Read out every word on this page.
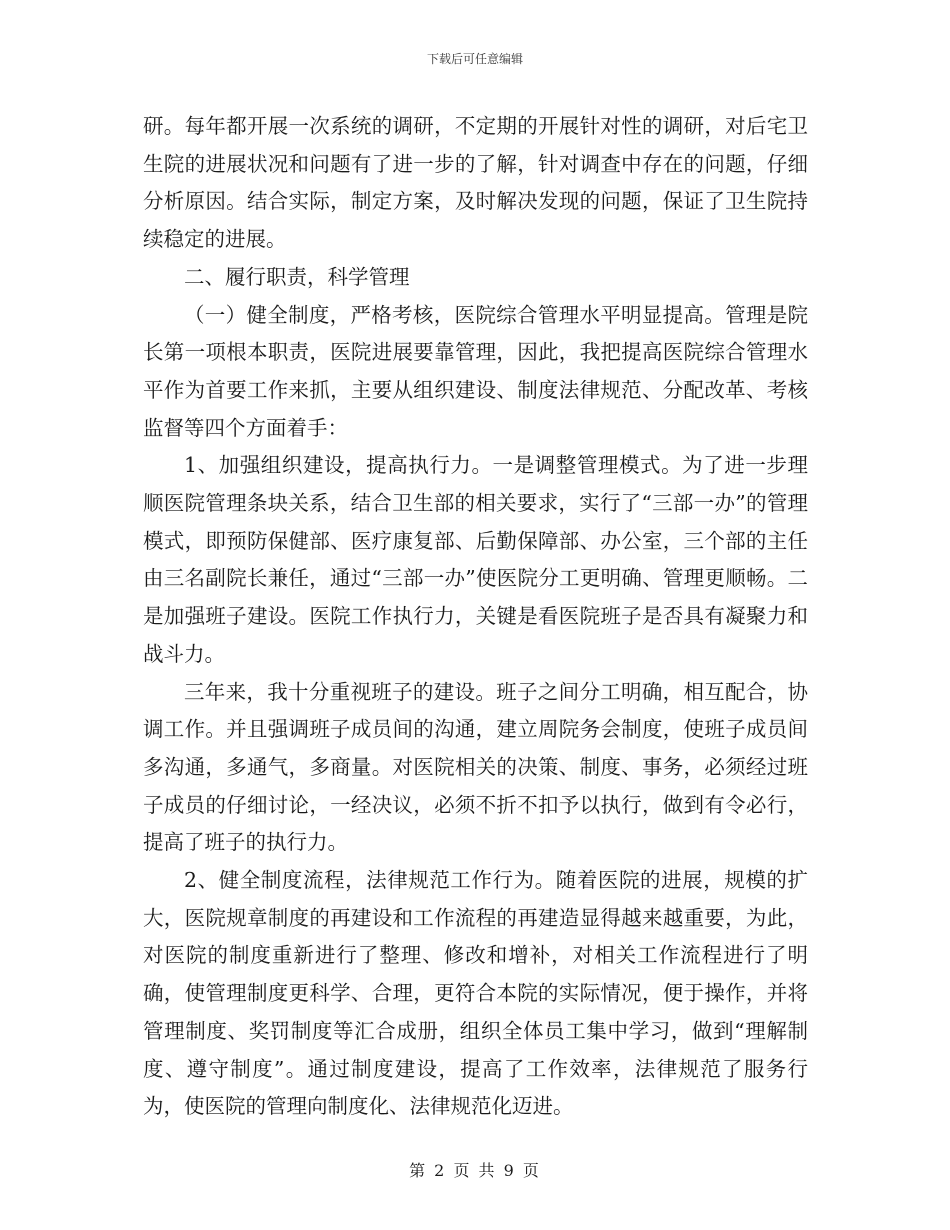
下载后可任意编辑

研。每年都开展一次系统的调研，不定期的开展针对性的调研，对后宅卫生院的进展状况和问题有了进一步的了解，针对调查中存在的问题，仔细分析原因。结合实际，制定方案，及时解决发现的问题，保证了卫生院持续稳定的进展。

二、履行职责，科学管理

（一）健全制度，严格考核，医院综合管理水平明显提高。管理是院长第一项根本职责，医院进展要靠管理，因此，我把提高医院综合管理水平作为首要工作来抓，主要从组织建设、制度法律规范、分配改革、考核监督等四个方面着手：

1、加强组织建设，提高执行力。一是调整管理模式。为了进一步理顺医院管理条块关系，结合卫生部的相关要求，实行了“三部一办”的管理模式，即预防保健部、医疗康复部、后勤保障部、办公室，三个部的主任由三名副院长兼任，通过“三部一办”使医院分工更明确、管理更顺畅。二是加强班子建设。医院工作执行力，关键是看医院班子是否具有凝聚力和战斗力。

三年来，我十分重视班子的建设。班子之间分工明确，相互配合，协调工作。并且强调班子成员间的沟通，建立周院务会制度，使班子成员间多沟通，多通气，多商量。对医院相关的决策、制度、事务，必须经过班子成员的仔细讨论，一经决议，必须不折不扣予以执行，做到有令必行，提高了班子的执行力。

2、健全制度流程，法律规范工作行为。随着医院的进展，规模的扩大，医院规章制度的再建设和工作流程的再建造显得越来越重要，为此，对医院的制度重新进行了整理、修改和增补，对相关工作流程进行了明确，使管理制度更科学、合理，更符合本院的实际情况，便于操作，并将管理制度、奖罚制度等汇合成册，组织全体员工集中学习，做到“理解制度、遵守制度”。通过制度建设，提高了工作效率，法律规范了服务行为，使医院的管理向制度化、法律规范化迈进。

第 2 页 共 9 页
